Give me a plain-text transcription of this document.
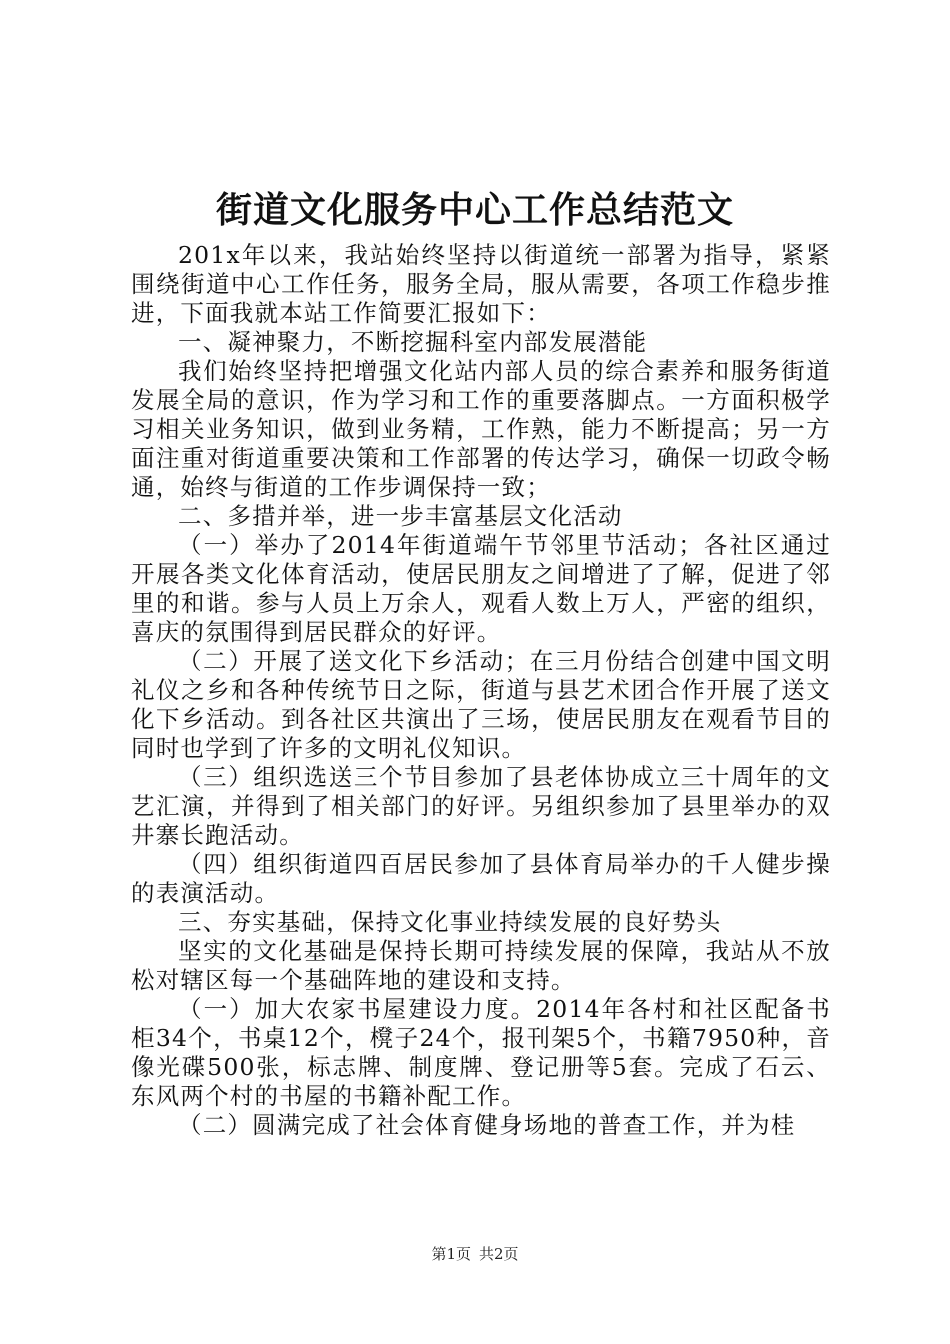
街道文化服务中心工作总结范文

201x年以来，我站始终坚持以街道统一部署为指导，紧紧围绕街道中心工作任务，服务全局，服从需要，各项工作稳步推进，下面我就本站工作简要汇报如下：

一、凝神聚力，不断挖掘科室内部发展潜能

我们始终坚持把增强文化站内部人员的综合素养和服务街道发展全局的意识，作为学习和工作的重要落脚点。一方面积极学习相关业务知识，做到业务精，工作熟，能力不断提高；另一方面注重对街道重要决策和工作部署的传达学习，确保一切政令畅通，始终与街道的工作步调保持一致；

二、多措并举，进一步丰富基层文化活动

（一）举办了2014年街道端午节邻里节活动；各社区通过开展各类文化体育活动，使居民朋友之间增进了了解，促进了邻里的和谐。参与人员上万余人，观看人数上万人，严密的组织，喜庆的氛围得到居民群众的好评。

（二）开展了送文化下乡活动；在三月份结合创建中国文明礼仪之乡和各种传统节日之际，街道与县艺术团合作开展了送文化下乡活动。到各社区共演出了三场，使居民朋友在观看节目的同时也学到了许多的文明礼仪知识。

（三）组织选送三个节目参加了县老体协成立三十周年的文艺汇演，并得到了相关部门的好评。另组织参加了县里举办的双井寨长跑活动。

（四）组织街道四百居民参加了县体育局举办的千人健步操的表演活动。

三、夯实基础，保持文化事业持续发展的良好势头

坚实的文化基础是保持长期可持续发展的保障，我站从不放松对辖区每一个基础阵地的建设和支持。

（一）加大农家书屋建设力度。2014年各村和社区配备书柜34个，书桌12个，櫈子24个，报刊架5个，书籍7950种，音像光碟500张，标志牌、制度牌、登记册等5套。完成了石云、东风两个村的书屋的书籍补配工作。

（二）圆满完成了社会体育健身场地的普查工作，并为桂

第1页 共2页
